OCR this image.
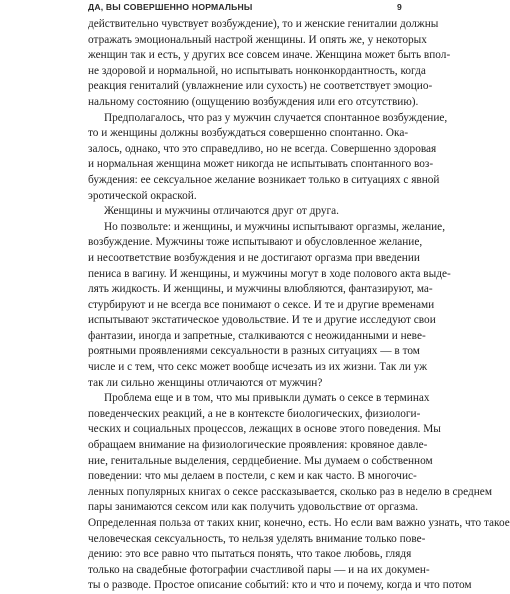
ДА, ВЫ СОВЕРШЕННО НОРМАЛЬНЫ	9
действительно чувствует возбуждение), то и женские гениталии должны
отражать эмоциональный настрой женщины. И опять же, у некоторых
женщин так и есть, у других все совсем иначе. Женщина может быть впол-
не здоровой и нормальной, но испытывать нонконкордантность, когда
реакция гениталий (увлажнение или сухость) не соответствует эмоцио-
нальному состоянию (ощущению возбуждения или его отсутствию).
Предполагалось, что раз у мужчин случается спонтанное возбуждение,
то и женщины должны возбуждаться совершенно спонтанно. Ока-
залось, однако, что это справедливо, но не всегда. Совершенно здоровая
и нормальная женщина может никогда не испытывать спонтанного воз-
буждения: ее сексуальное желание возникает только в ситуациях с явной
эротической окраской.
Женщины и мужчины отличаются друг от друга.
Но позвольте: и женщины, и мужчины испытывают оргазмы, желание,
возбуждение. Мужчины тоже испытывают и обусловленное желание,
и несоответствие возбуждения и не достигают оргазма при введении
пениса в вагину. И женщины, и мужчины могут в ходе полового акта выде-
лять жидкость. И женщины, и мужчины влюбляются, фантазируют, ма-
стурбируют и не всегда все понимают о сексе. И те и другие временами
испытывают экстатическое удовольствие. И те и другие исследуют свои
фантазии, иногда и запретные, сталкиваются с неожиданными и неве-
роятными проявлениями сексуальности в разных ситуациях — в том
числе и с тем, что секс может вообще исчезать из их жизни. Так ли уж
так ли сильно женщины отличаются от мужчин?
Проблема еще и в том, что мы привыкли думать о сексе в терминах
поведенческих реакций, а не в контексте биологических, физиологи-
ческих и социальных процессов, лежащих в основе этого поведения. Мы
обращаем внимание на физиологические проявления: кровяное давле-
ние, генитальные выделения, сердцебиение. Мы думаем о собственном
поведении: что мы делаем в постели, с кем и как часто. В многочис-
ленных популярных книгах о сексе рассказывается, сколько раз в неделю в среднем
пары занимаются сексом или как получить удовольствие от оргазма.
Определенная польза от таких книг, конечно, есть. Но если вам важно узнать, что такое
человеческая сексуальность, то нельзя уделять внимание только пове-
дению: это все равно что пытаться понять, что такое любовь, глядя
только на свадебные фотографии счастливой пары — и на их докумен-
ты о разводе. Простое описание событий: кто и что и почему, когда и что потом
